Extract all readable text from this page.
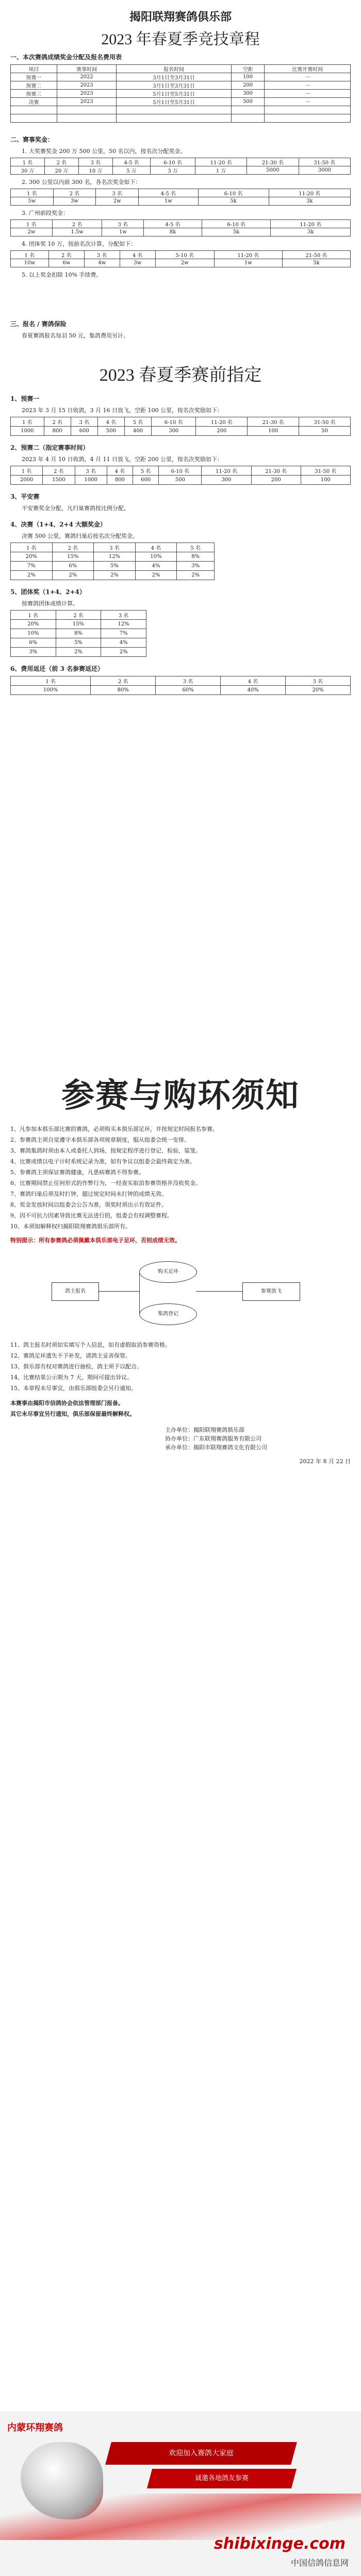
揭阳联翔赛鸽俱乐部

2023 年春夏季竞技章程

一、本次赛鸽成绩奖金分配及报名费用表

项目	赛事时间	报名时间	空距	比赛开赛时间
预赛一	2022	3月1日至3月31日	100	一
预赛二	2023	3月1日至3月31日	200	一
预赛三	2023	5月1日至5月31日	300	一
决赛	2023	5月1日至5月31日	500	一

二、赛事奖金：

1. 大奖赛奖金 200 万 500 公里，50 名以内，按名次分配奖金。

1 名	2 名	3 名	4-5 名	6-10 名	11-20 名	21-30 名	31-50 名
30 万	20 万	10 万	5 万	3 万	1 万	5000	3000

2. 300 公里以内前 300 名，各名次奖金如下：

1 名	2 名	3 名	4-5 名	6-10 名	11-20 名
5w	3w	2w	1w	5k	3k

3. 广州前段奖金：

1 名	2 名	3 名	4-5 名	6-10 名	11-20 名
2w	1.5w	1w	8k	5k	3k

4. 团体奖 10 万，按前名次计算，分配如下：

1 名	2 名	3 名	4 名	5-10 名	11-20 名	21-50 名
10w	6w	4w	3w	2w	1w	5k

5. 以上奖金扣除 10% 手续费。

三、报名 / 赛鸽保险

春夏赛鸽报名每羽 50 元，集鸽费用另计。

2023 春夏季赛前指定

1、预赛一

2023 年 3 月 15 日收鸽，3 月 16 日放飞，空距 100 公里，按名次奖励如下：

1 名	2 名	3 名	4 名	5 名	6-10 名	11-20 名	21-30 名	31-50 名
1000	800	600	500	400	300	200	100	50

2、预赛二（指定赛事时间）

2023 年 4 月 10 日收鸽，4 月 11 日放飞，空距 200 公里，按名次奖励如下：

1 名	2 名	3 名	4 名	5 名	6-10 名	11-20 名	21-30 名	31-50 名
2000	1500	1000	800	600	500	300	200	100

3、平安赛

平安赛奖金分配，凡归巢赛鸽按比例分配。

4、决赛（1+4、2+4 大额奖金）

决赛 500 公里，赛鸽归巢后按名次分配奖金。

1 名	2 名	3 名	4 名	5 名
20%	15%	12%	10%	8%
7%	6%	5%	4%	3%
2%	2%	2%	2%	2%

5、团体奖（1+4、2+4）

按赛鸽团体成绩计算。

1 名	2 名	3 名
20%	15%	12%
10%	8%	7%
6%	5%	4%
3%	2%	2%

6、费用返还（前 3 名参赛返还）

1 名	2 名	3 名	4 名	5 名
100%	80%	60%	40%	20%
参赛与购环须知

1、凡参加本俱乐部比赛的赛鸽，必须购买本俱乐部足环，并按规定时间报名参赛。

2、参赛鸽主须自觉遵守本俱乐部各项规章制度，服从组委会统一安排。

3、赛鸽集鸽时须由本人或委托人到场，按规定程序进行登记、检验、装笼。

4、比赛成绩以电子计时系统记录为准，如有争议以组委会最终裁定为准。

5、参赛鸽主须保证赛鸽健康，凡患病赛鸽不得参赛。

6、比赛期间禁止任何形式的作弊行为，一经查实取消参赛资格并没收奖金。

7、赛鸽归巢后须及时打钟，超过规定时间未打钟的成绩无效。

8、奖金发放时间以组委会公告为准，领奖时须出示有效证件。

9、因不可抗力因素导致比赛无法进行的，组委会有权调整赛程。

10、本须知解释权归揭阳联翔赛鸽俱乐部所有。

特别提示：所有参赛鸽必须佩戴本俱乐部电子足环，否则成绩无效。

鸽主报名
购买足环
集鸽登记
参赛放飞

11、鸽主报名时须如实填写个人信息，如有虚假取消参赛资格。

12、赛鸽足环遗失不予补发，请鸽主妥善保管。

13、俱乐部有权对赛鸽进行抽检，鸽主须予以配合。

14、比赛结果公示期为 7 天，期间可提出异议。

15、本章程未尽事宜，由俱乐部组委会另行通知。

本赛事由揭阳市信鸽协会依法管理部门报备。

其它未尽事宜另行通知，俱乐部保留最终解释权。

主办单位：揭阳联翔赛鸽俱乐部
协办单位：广东联翔赛鸽服务有限公司
承办单位：揭阳市联翔赛鸽文化有限公司
2022 年 8 月 22 日
内蒙环翔赛鸽
欢迎加入赛鸽大家庭
诚邀各地鸽友参赛
shibixinge.com
中国信鸽信息网
